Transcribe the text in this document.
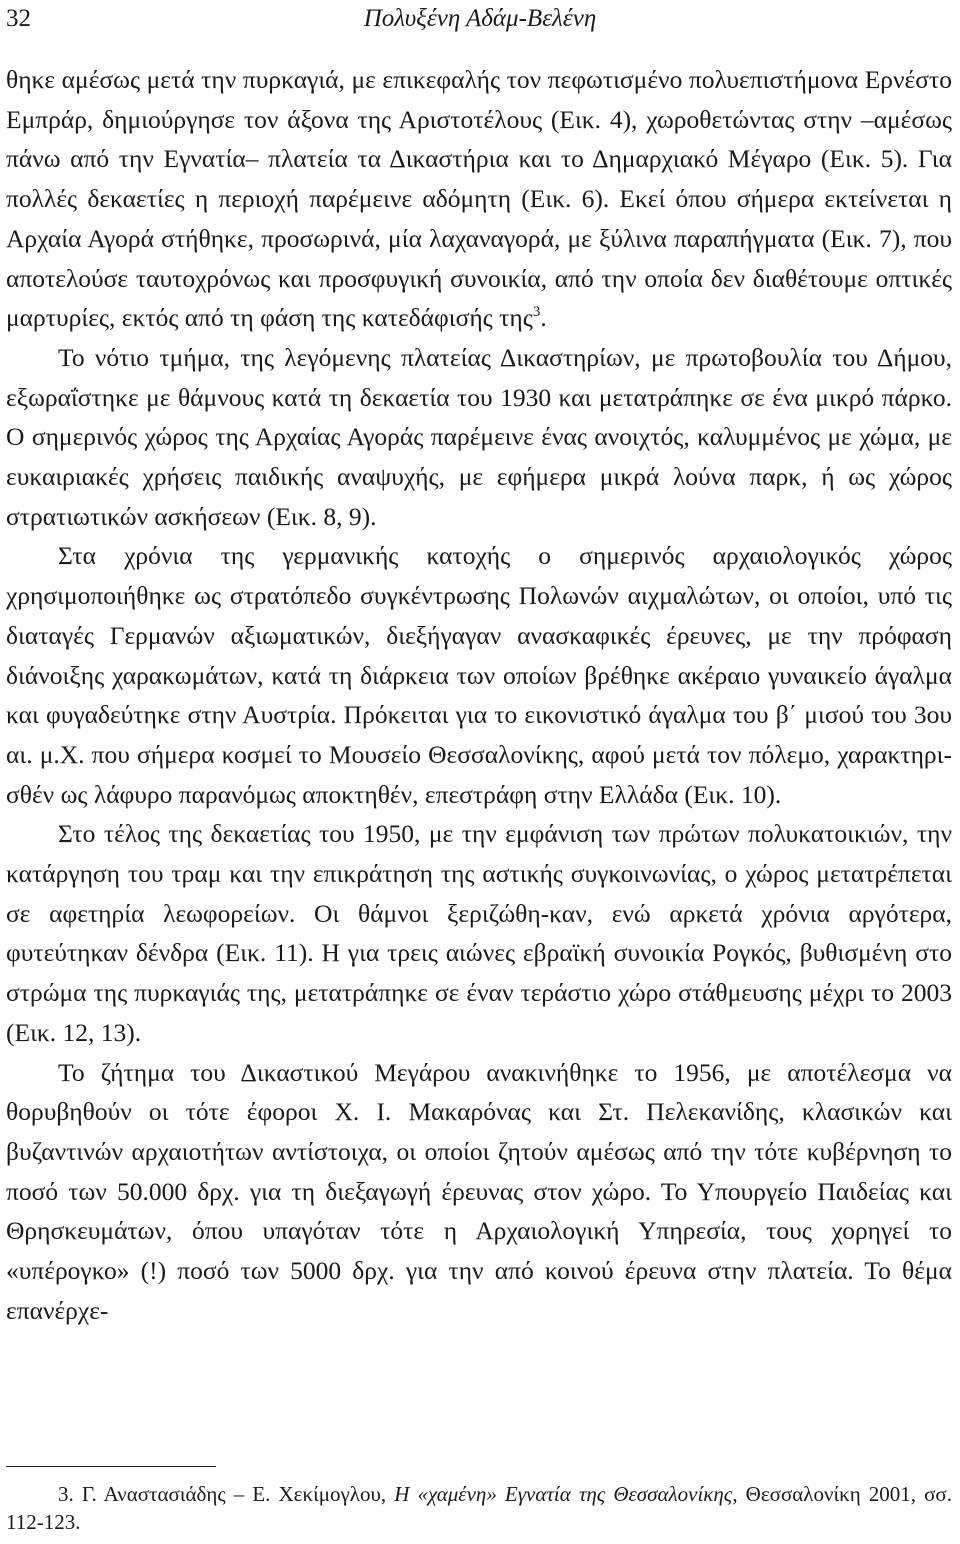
32	Πολυξένη Αδάμ-Βελένη

θηκε αμέσως μετά την πυρκαγιά, με επικεφαλής τον πεφωτισμένο πολυεπιστήμονα Ερνέστο Εμπράρ, δημιούργησε τον άξονα της Αριστοτέλους (Εικ. 4), χωροθετώντας στην –αμέσως πάνω από την Εγνατία– πλατεία τα Δικαστήρια και το Δημαρχιακό Μέγαρο (Εικ. 5). Για πολλές δεκαετίες η περιοχή παρέμεινε αδόμητη (Εικ. 6). Εκεί όπου σήμερα εκτείνεται η Αρχαία Αγορά στήθηκε, προσωρινά, μία λαχαναγορά, με ξύλινα παραπήγματα (Εικ. 7), που αποτελούσε ταυτοχρόνως και προσφυγική συνοικία, από την οποία δεν διαθέτουμε οπτικές μαρτυρίες, εκτός από τη φάση της κατεδάφισής της$^3$.

Το νότιο τμήμα, της λεγόμενης πλατείας Δικαστηρίων, με πρωτοβουλία του Δήμου, εξωραΐστηκε με θάμνους κατά τη δεκαετία του 1930 και μετατράπηκε σε ένα μικρό πάρκο. Ο σημερινός χώρος της Αρχαίας Αγοράς παρέμεινε ένας ανοιχτός, καλυμμένος με χώμα, με ευκαιριακές χρήσεις παιδικής αναψυχής, με εφήμερα μικρά λούνα παρκ, ή ως χώρος στρατιωτικών ασκήσεων (Εικ. 8, 9).

Στα χρόνια της γερμανικής κατοχής ο σημερινός αρχαιολογικός χώρος χρησιμοποιήθηκε ως στρατόπεδο συγκέντρωσης Πολωνών αιχμαλώτων, οι οποίοι, υπό τις διαταγές Γερμανών αξιωματικών, διεξήγαγαν ανασκαφικές έρευνες, με την πρόφαση διάνοιξης χαρακωμάτων, κατά τη διάρκεια των οποίων βρέθηκε ακέραιο γυναικείο άγαλμα και φυγαδεύτηκε στην Αυστρία. Πρόκειται για το εικονιστικό άγαλμα του β΄ μισού του 3ου αι. μ.Χ. που σήμερα κοσμεί το Μουσείο Θεσσαλονίκης, αφού μετά τον πόλεμο, χαρακτηρισθέν ως λάφυρο παρανόμως αποκτηθέν, επεστράφη στην Ελλάδα (Εικ. 10).

Στο τέλος της δεκαετίας του 1950, με την εμφάνιση των πρώτων πολυκατοικιών, την κατάργηση του τραμ και την επικράτηση της αστικής συγκοινωνίας, ο χώρος μετατρέπεται σε αφετηρία λεωφορείων. Οι θάμνοι ξεριζώθη-καν, ενώ αρκετά χρόνια αργότερα, φυτεύτηκαν δένδρα (Εικ. 11). Η για τρεις αιώνες εβραϊκή συνοικία Ρογκός, βυθισμένη στο στρώμα της πυρκαγιάς της, μετατράπηκε σε έναν τεράστιο χώρο στάθμευσης μέχρι το 2003 (Εικ. 12, 13).

Το ζήτημα του Δικαστικού Μεγάρου ανακινήθηκε το 1956, με αποτέλεσμα να θορυβηθούν οι τότε έφοροι Χ. Ι. Μακαρόνας και Στ. Πελεκανίδης, κλασικών και βυζαντινών αρχαιοτήτων αντίστοιχα, οι οποίοι ζητούν αμέσως από την τότε κυβέρνηση το ποσό των 50.000 δρχ. για τη διεξαγωγή έρευνας στον χώρο. Το Υπουργείο Παιδείας και Θρησκευμάτων, όπου υπαγόταν τότε η Αρχαιολογική Υπηρεσία, τους χορηγεί το «υπέρογκο» (!) ποσό των 5000 δρχ. για την από κοινού έρευνα στην πλατεία. Το θέμα επανέρχε-

3. Γ. Αναστασιάδης – Ε. Χεκίμογλου, Η «χαμένη» Εγνατία της Θεσσαλονίκης, Θεσσαλονίκη 2001, σσ. 112-123.
